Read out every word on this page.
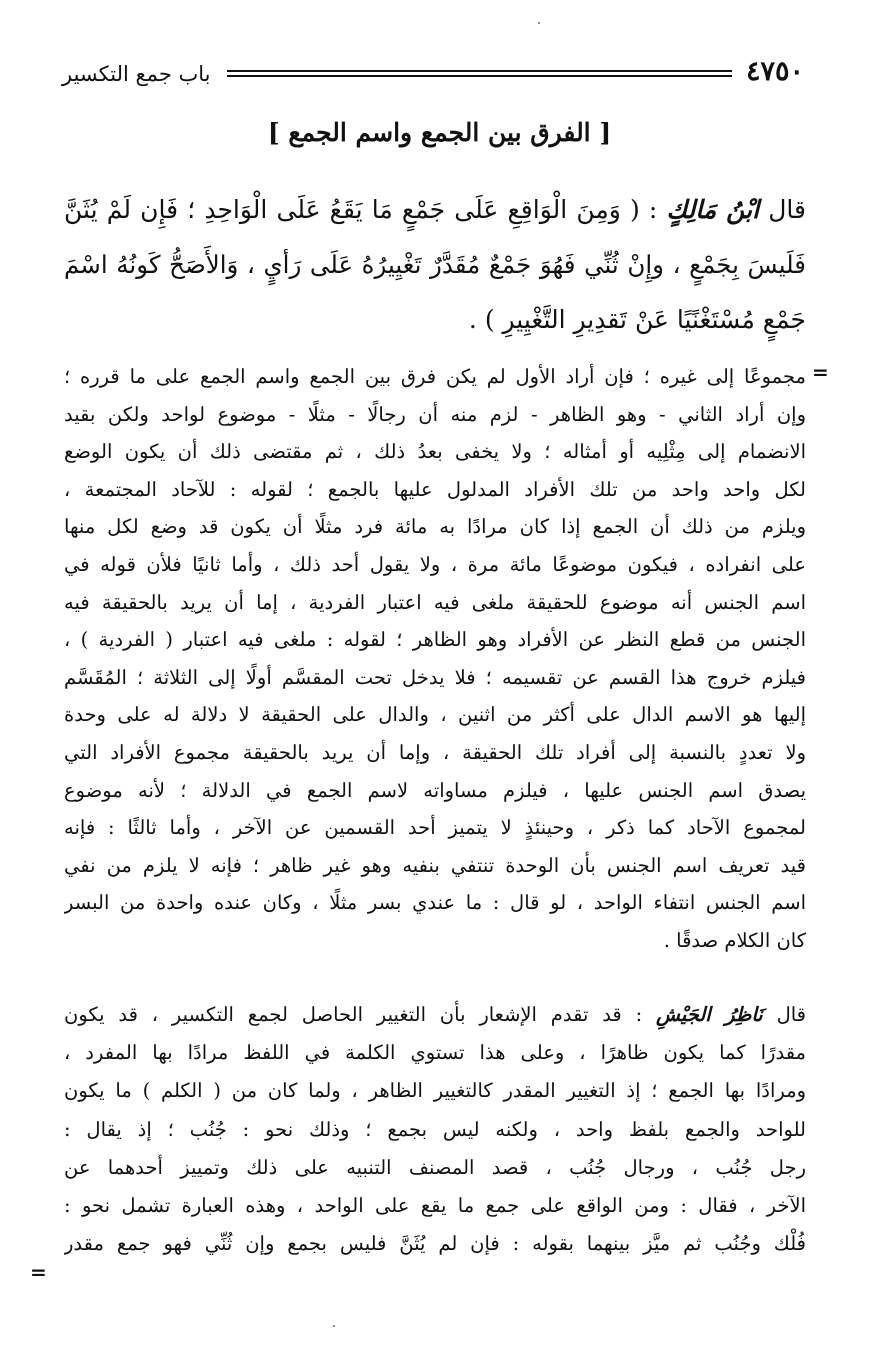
باب جمع التكسير	٤٧٥٠
[ الفرق بين الجمع واسم الجمع ]
قال ابْنُ مَالِكٍ : ( وَمِنَ الْوَاقِعِ عَلَى جَمْعٍ مَا يَقَعُ عَلَى الْوَاحِدِ ؛ فَإِن لَمْ يُثَنَّ
فَلَيسَ بِجَمْعٍ ، وإِنْ ثُنِّي فَهُوَ جَمْعٌ مُقَدَّرٌ تَغْيِيرُهُ عَلَى رَأيٍ ، وَالأَصَحُّ كَونُهُ اسْمَ
جَمْعٍ مُسْتَغْنًيًا عَنْ تَقدِيرِ التَّغْيِيرِ ) .
=
مجموعًا إلى غيره ؛ فإن أراد الأول لم يكن فرق بين الجمع واسم الجمع على ما قرره ؛
وإن أراد الثاني - وهو الظاهر - لزم منه أن رجالًا - مثلًا - موضوع لواحد ولكن بقيد
الانضمام إلى مِثْلِيه أو أمثاله ؛ ولا يخفى بعدُ ذلك ، ثم مقتضى ذلك أن يكون الوضع
لكل واحد واحد من تلك الأفراد المدلول عليها بالجمع ؛ لقوله : للآحاد المجتمعة ،
ويلزم من ذلك أن الجمع إذا كان مرادًا به مائة فرد مثلًا أن يكون قد وضع لكل منها
على انفراده ، فيكون موضوعًا مائة مرة ، ولا يقول أحد ذلك ، وأما ثانيًا فلأن قوله في
اسم الجنس أنه موضوع للحقيقة ملغى فيه اعتبار الفردية ، إما أن يريد بالحقيقة فيه
الجنس من قطع النظر عن الأفراد وهو الظاهر ؛ لقوله : ملغى فيه اعتبار ( الفردية ) ،
فيلزم خروج هذا القسم عن تقسيمه ؛ فلا يدخل تحت المقسَّم أولًا إلى الثلاثة ؛ المُقَسَّم
إليها هو الاسم الدال على أكثر من اثنين ، والدال على الحقيقة لا دلالة له على وحدة
ولا تعددٍ بالنسبة إلى أفراد تلك الحقيقة ، وإما أن يريد بالحقيقة مجموع الأفراد التي
يصدق اسم الجنس عليها ، فيلزم مساواته لاسم الجمع في الدلالة ؛ لأنه موضوع
لمجموع الآحاد كما ذكر ، وحينئذٍ لا يتميز أحد القسمين عن الآخر ، وأما ثالثًا : فإنه
قيد تعريف اسم الجنس بأن الوحدة تنتفي بنفيه وهو غير ظاهر ؛ فإنه لا يلزم من نفي
اسم الجنس انتفاء الواحد ، لو قال : ما عندي بسر مثلًا ، وكان عنده واحدة من البسر
كان الكلام صدقًا .
قال نَاظِرُ الجَيْشِ : قد تقدم الإشعار بأن التغيير الحاصل لجمع التكسير ، قد يكون
مقدرًا كما يكون ظاهرًا ، وعلى هذا تستوي الكلمة في اللفظ مرادًا بها المفرد ،
ومرادًا بها الجمع ؛ إذ التغيير المقدر كالتغيير الظاهر ، ولما كان من ( الكلم ) ما يكون
للواحد والجمع بلفظ واحد ، ولكنه ليس بجمع ؛ وذلك نحو : جُنُب ؛ إذ يقال :
رجل جُنُب ، ورجال جُنُب ، قصد المصنف التنبيه على ذلك وتمييز أحدهما عن
الآخر ، فقال : ومن الواقع على جمع ما يقع على الواحد ، وهذه العبارة تشمل نحو :
فُلْك وجُنُب ثم ميَّز بينهما بقوله : فإن لم يُثَنَّ فليس بجمع وإن ثُنِّي فهو جمع مقدر
=
